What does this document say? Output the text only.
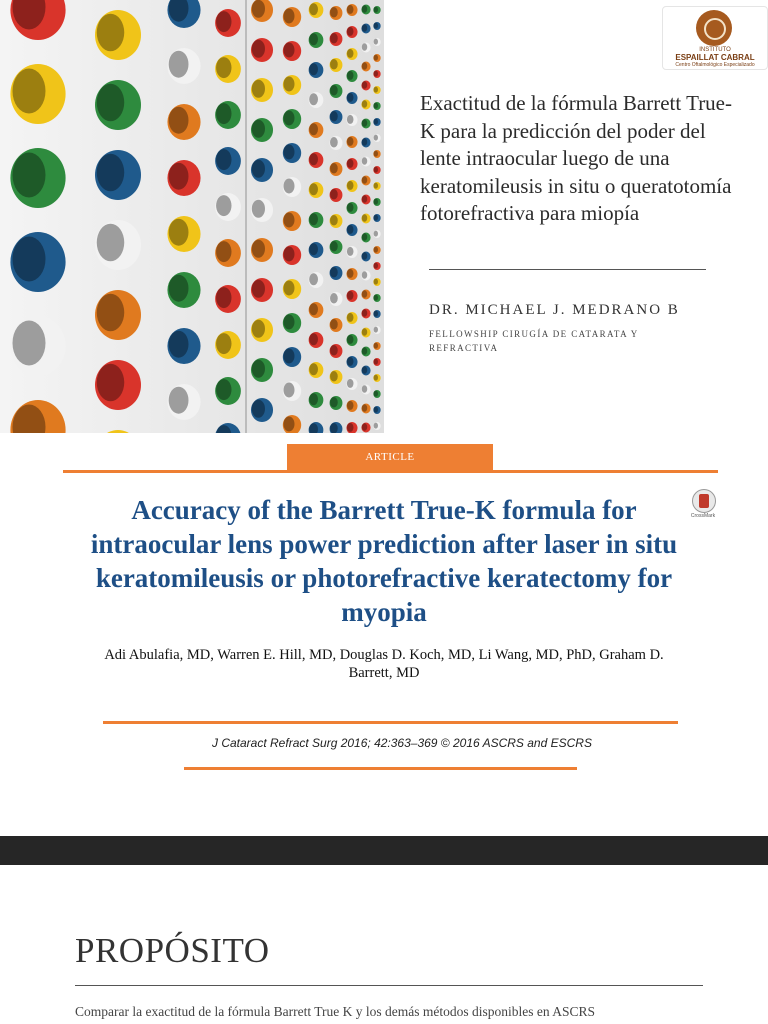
INSTITUTO
ESPAILLAT CABRAL
Centro Oftalmológico Especializado
Exactitud de la fórmula Barrett True-K para la predicción del poder del lente intraocular luego de una keratomileusis in situ o queratotomía fotorefractiva para miopía
DR. MICHAEL J. MEDRANO B
FELLOWSHIP CIRUGÍA DE CATARATA Y REFRACTIVA
ARTICLE
CrossMark
Accuracy of the Barrett True-K formula for intraocular lens power prediction after laser in situ keratomileusis or photorefractive keratectomy for myopia
Adi Abulafia, MD, Warren E. Hill, MD, Douglas D. Koch, MD, Li Wang, MD, PhD, Graham D. Barrett, MD
J Cataract Refract Surg 2016; 42:363–369 © 2016 ASCRS and ESCRS
PROPÓSITO
Comparar la exactitud de la fórmula Barrett True K y los demás métodos disponibles en ASCRS
